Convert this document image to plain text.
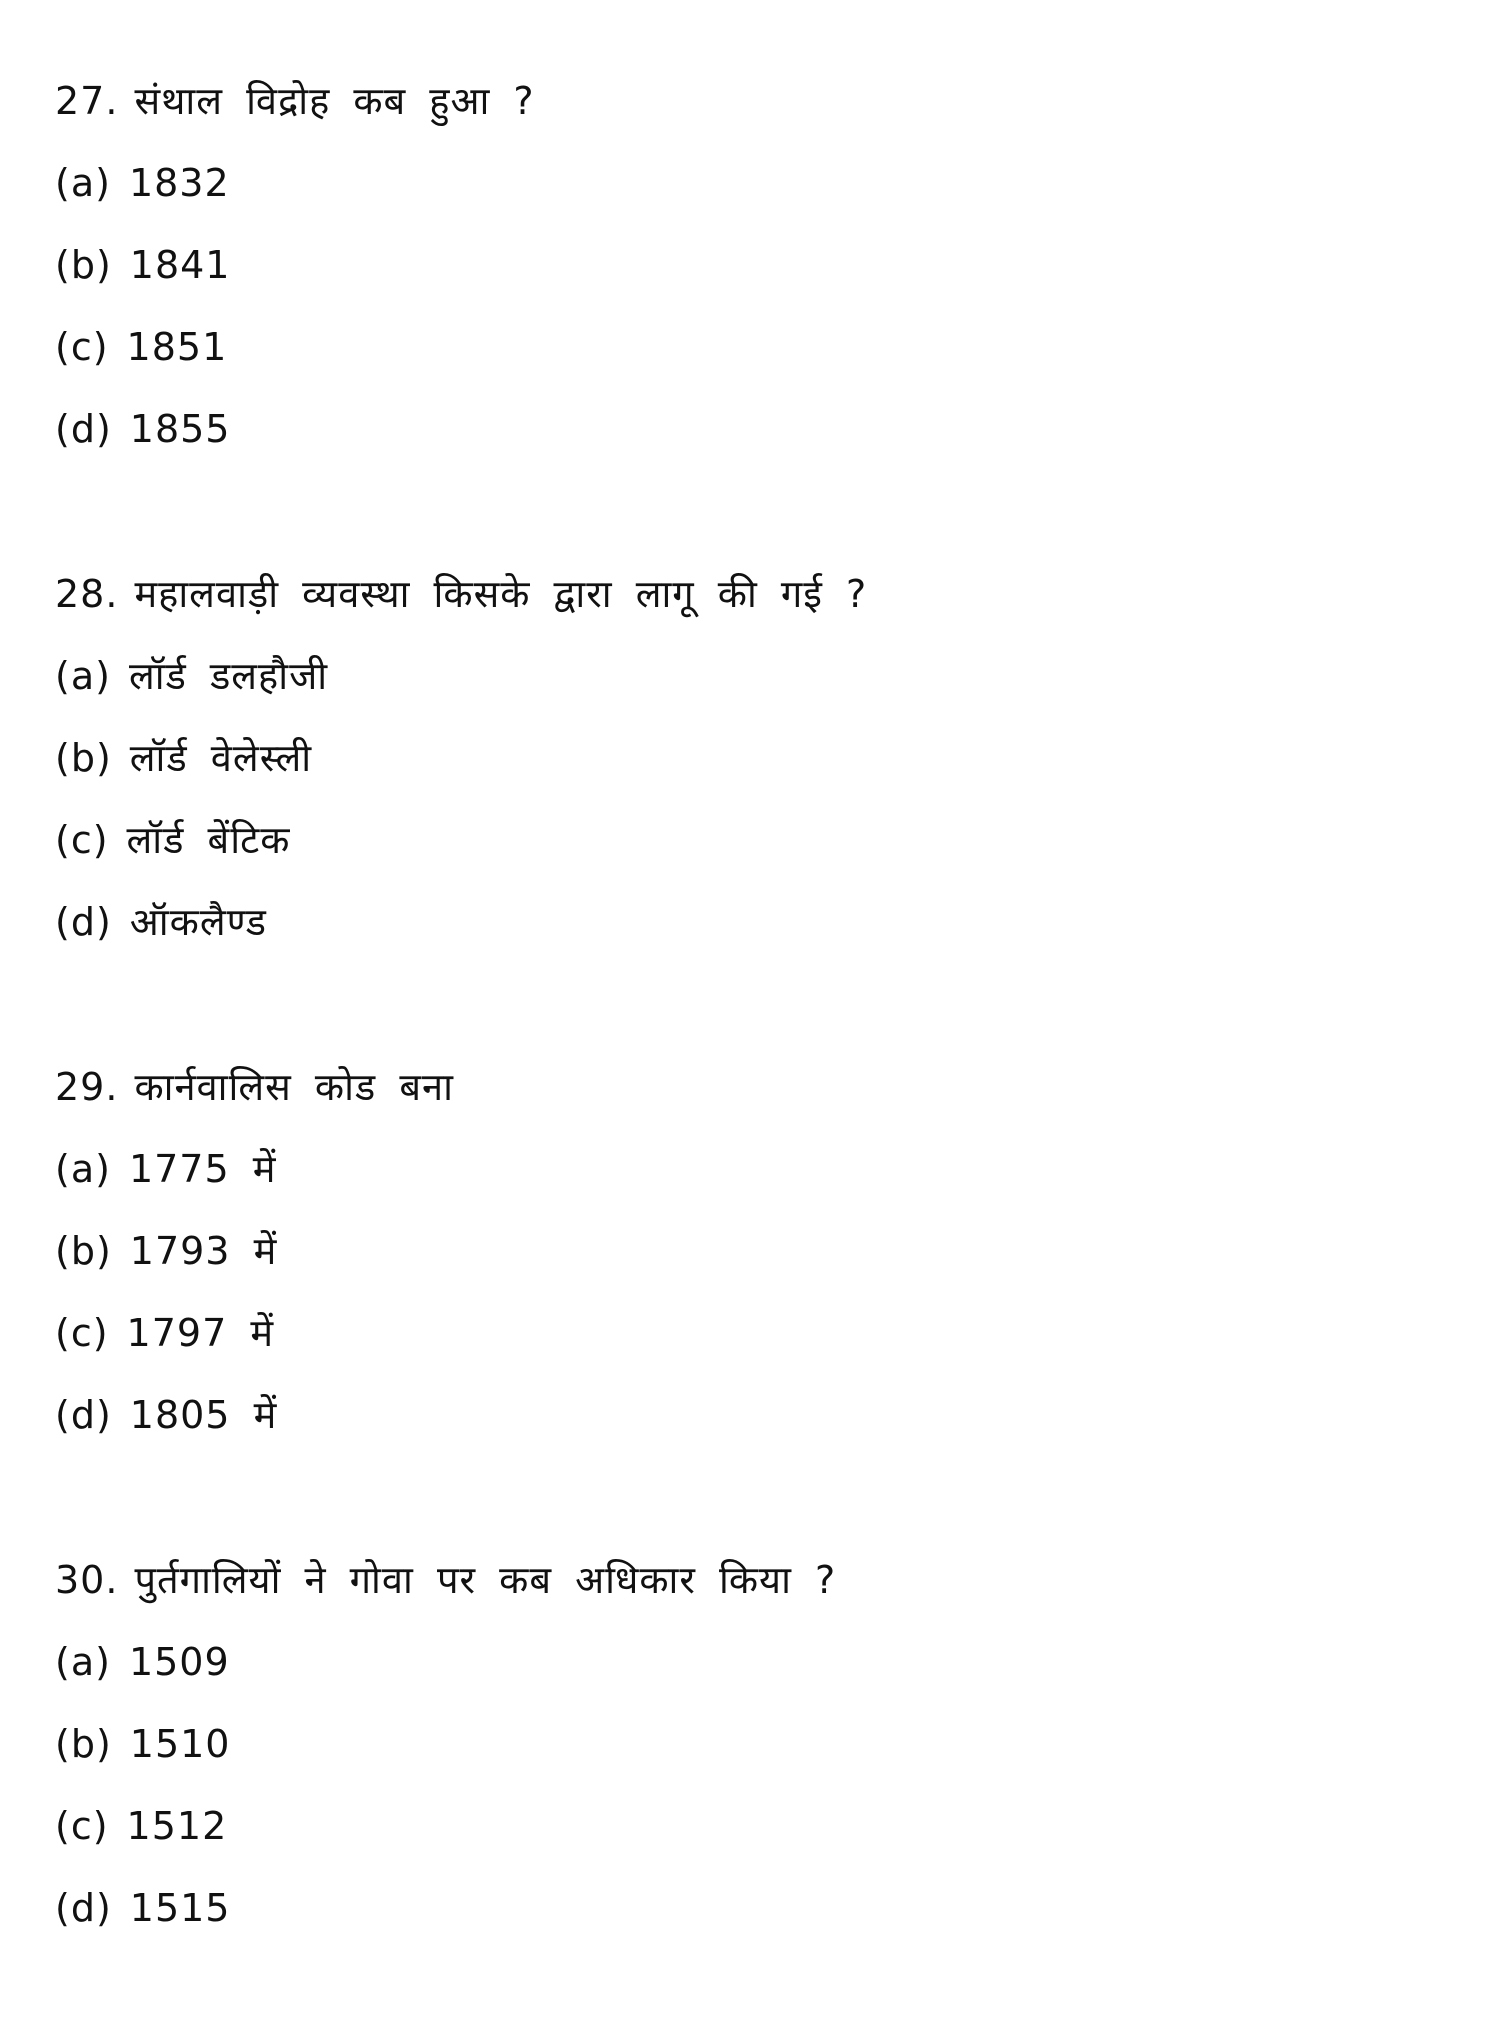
27. संथाल विद्रोह कब हुआ ?
(a) 1832
(b) 1841
(c) 1851
(d) 1855
28. महालवाड़ी व्यवस्था किसके द्वारा लागू की गई ?
(a) लॉर्ड डलहौजी
(b) लॉर्ड वेलेस्ली
(c) लॉर्ड बेंटिक
(d) ऑकलैण्ड
29. कार्नवालिस कोड बना
(a) 1775 में
(b) 1793 में
(c) 1797 में
(d) 1805 में
30. पुर्तगालियों ने गोवा पर कब अधिकार किया ?
(a) 1509
(b) 1510
(c) 1512
(d) 1515
